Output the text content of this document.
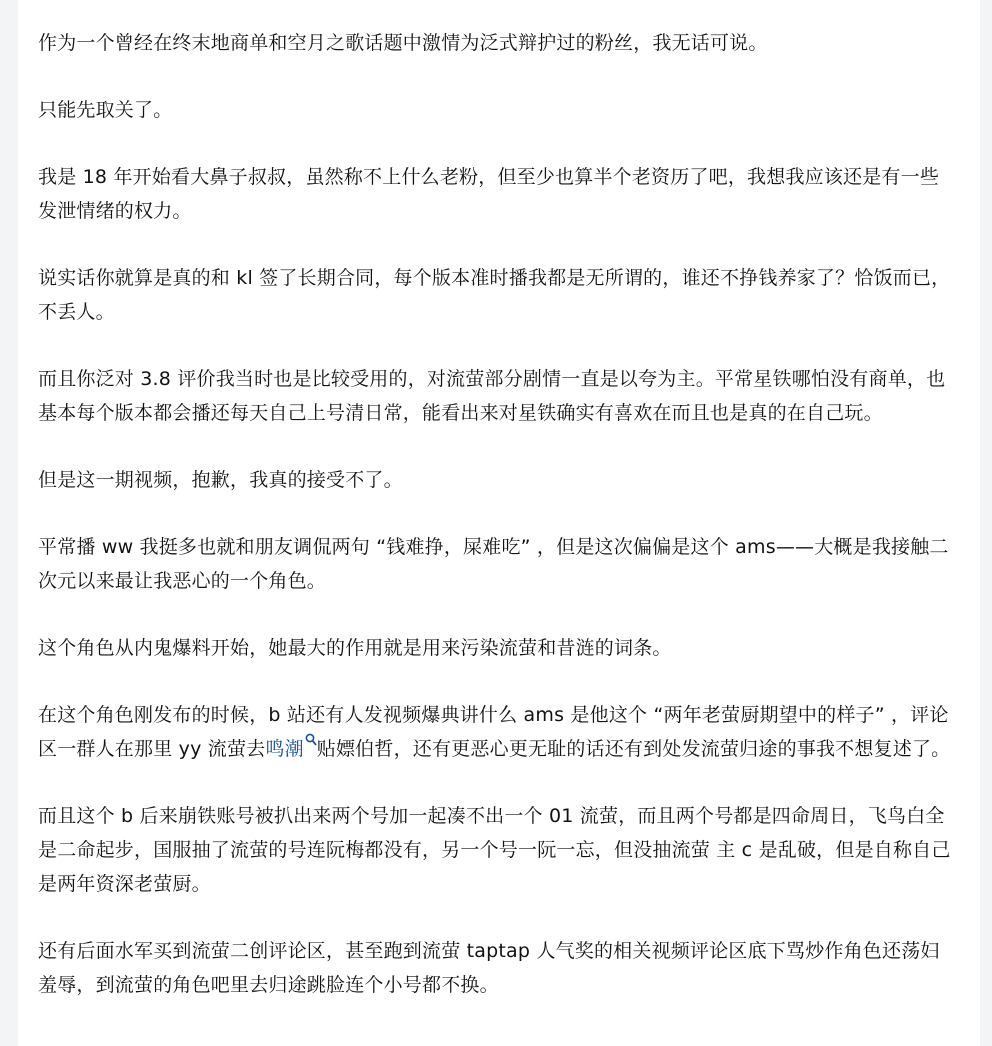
作为一个曾经在终末地商单和空月之歌话题中激情为泛式辩护过的粉丝，我无话可说。

只能先取关了。

我是 18 年开始看大鼻子叔叔，虽然称不上什么老粉，但至少也算半个老资历了吧，我想我应该还是有一些发泄情绪的权力。

说实话你就算是真的和 kl 签了长期合同，每个版本准时播我都是无所谓的，谁还不挣钱养家了？恰饭而已，不丢人。

而且你泛对 3.8 评价我当时也是比较受用的，对流萤部分剧情一直是以夸为主。平常星铁哪怕没有商单，也基本每个版本都会播还每天自己上号清日常，能看出来对星铁确实有喜欢在而且也是真的在自己玩。

但是这一期视频，抱歉，我真的接受不了。

平常播 ww 我挺多也就和朋友调侃两句 “钱难挣，屎难吃” ，但是这次偏偏是这个 ams——大概是我接触二次元以来最让我恶心的一个角色。

这个角色从内鬼爆料开始，她最大的作用就是用来污染流萤和昔涟的词条。

在这个角色刚发布的时候，b 站还有人发视频爆典讲什么 ams 是他这个 “两年老萤厨期望中的样子” ，评论区一群人在那里 yy 流萤去鸣潮 贴嫖伯哲，还有更恶心更无耻的话还有到处发流萤归途的事我不想复述了。

而且这个 b 后来崩铁账号被扒出来两个号加一起凑不出一个 01 流萤，而且两个号都是四命周日，飞鸟白全是二命起步，国服抽了流萤的号连阮梅都没有，另一个号一阮一忘，但没抽流萤 主 c 是乱破，但是自称自己是两年资深老萤厨。

还有后面水军买到流萤二创评论区，甚至跑到流萤 taptap 人气奖的相关视频评论区底下骂炒作角色还荡妇羞辱，到流萤的角色吧里去归途跳脸连个小号都不换。
